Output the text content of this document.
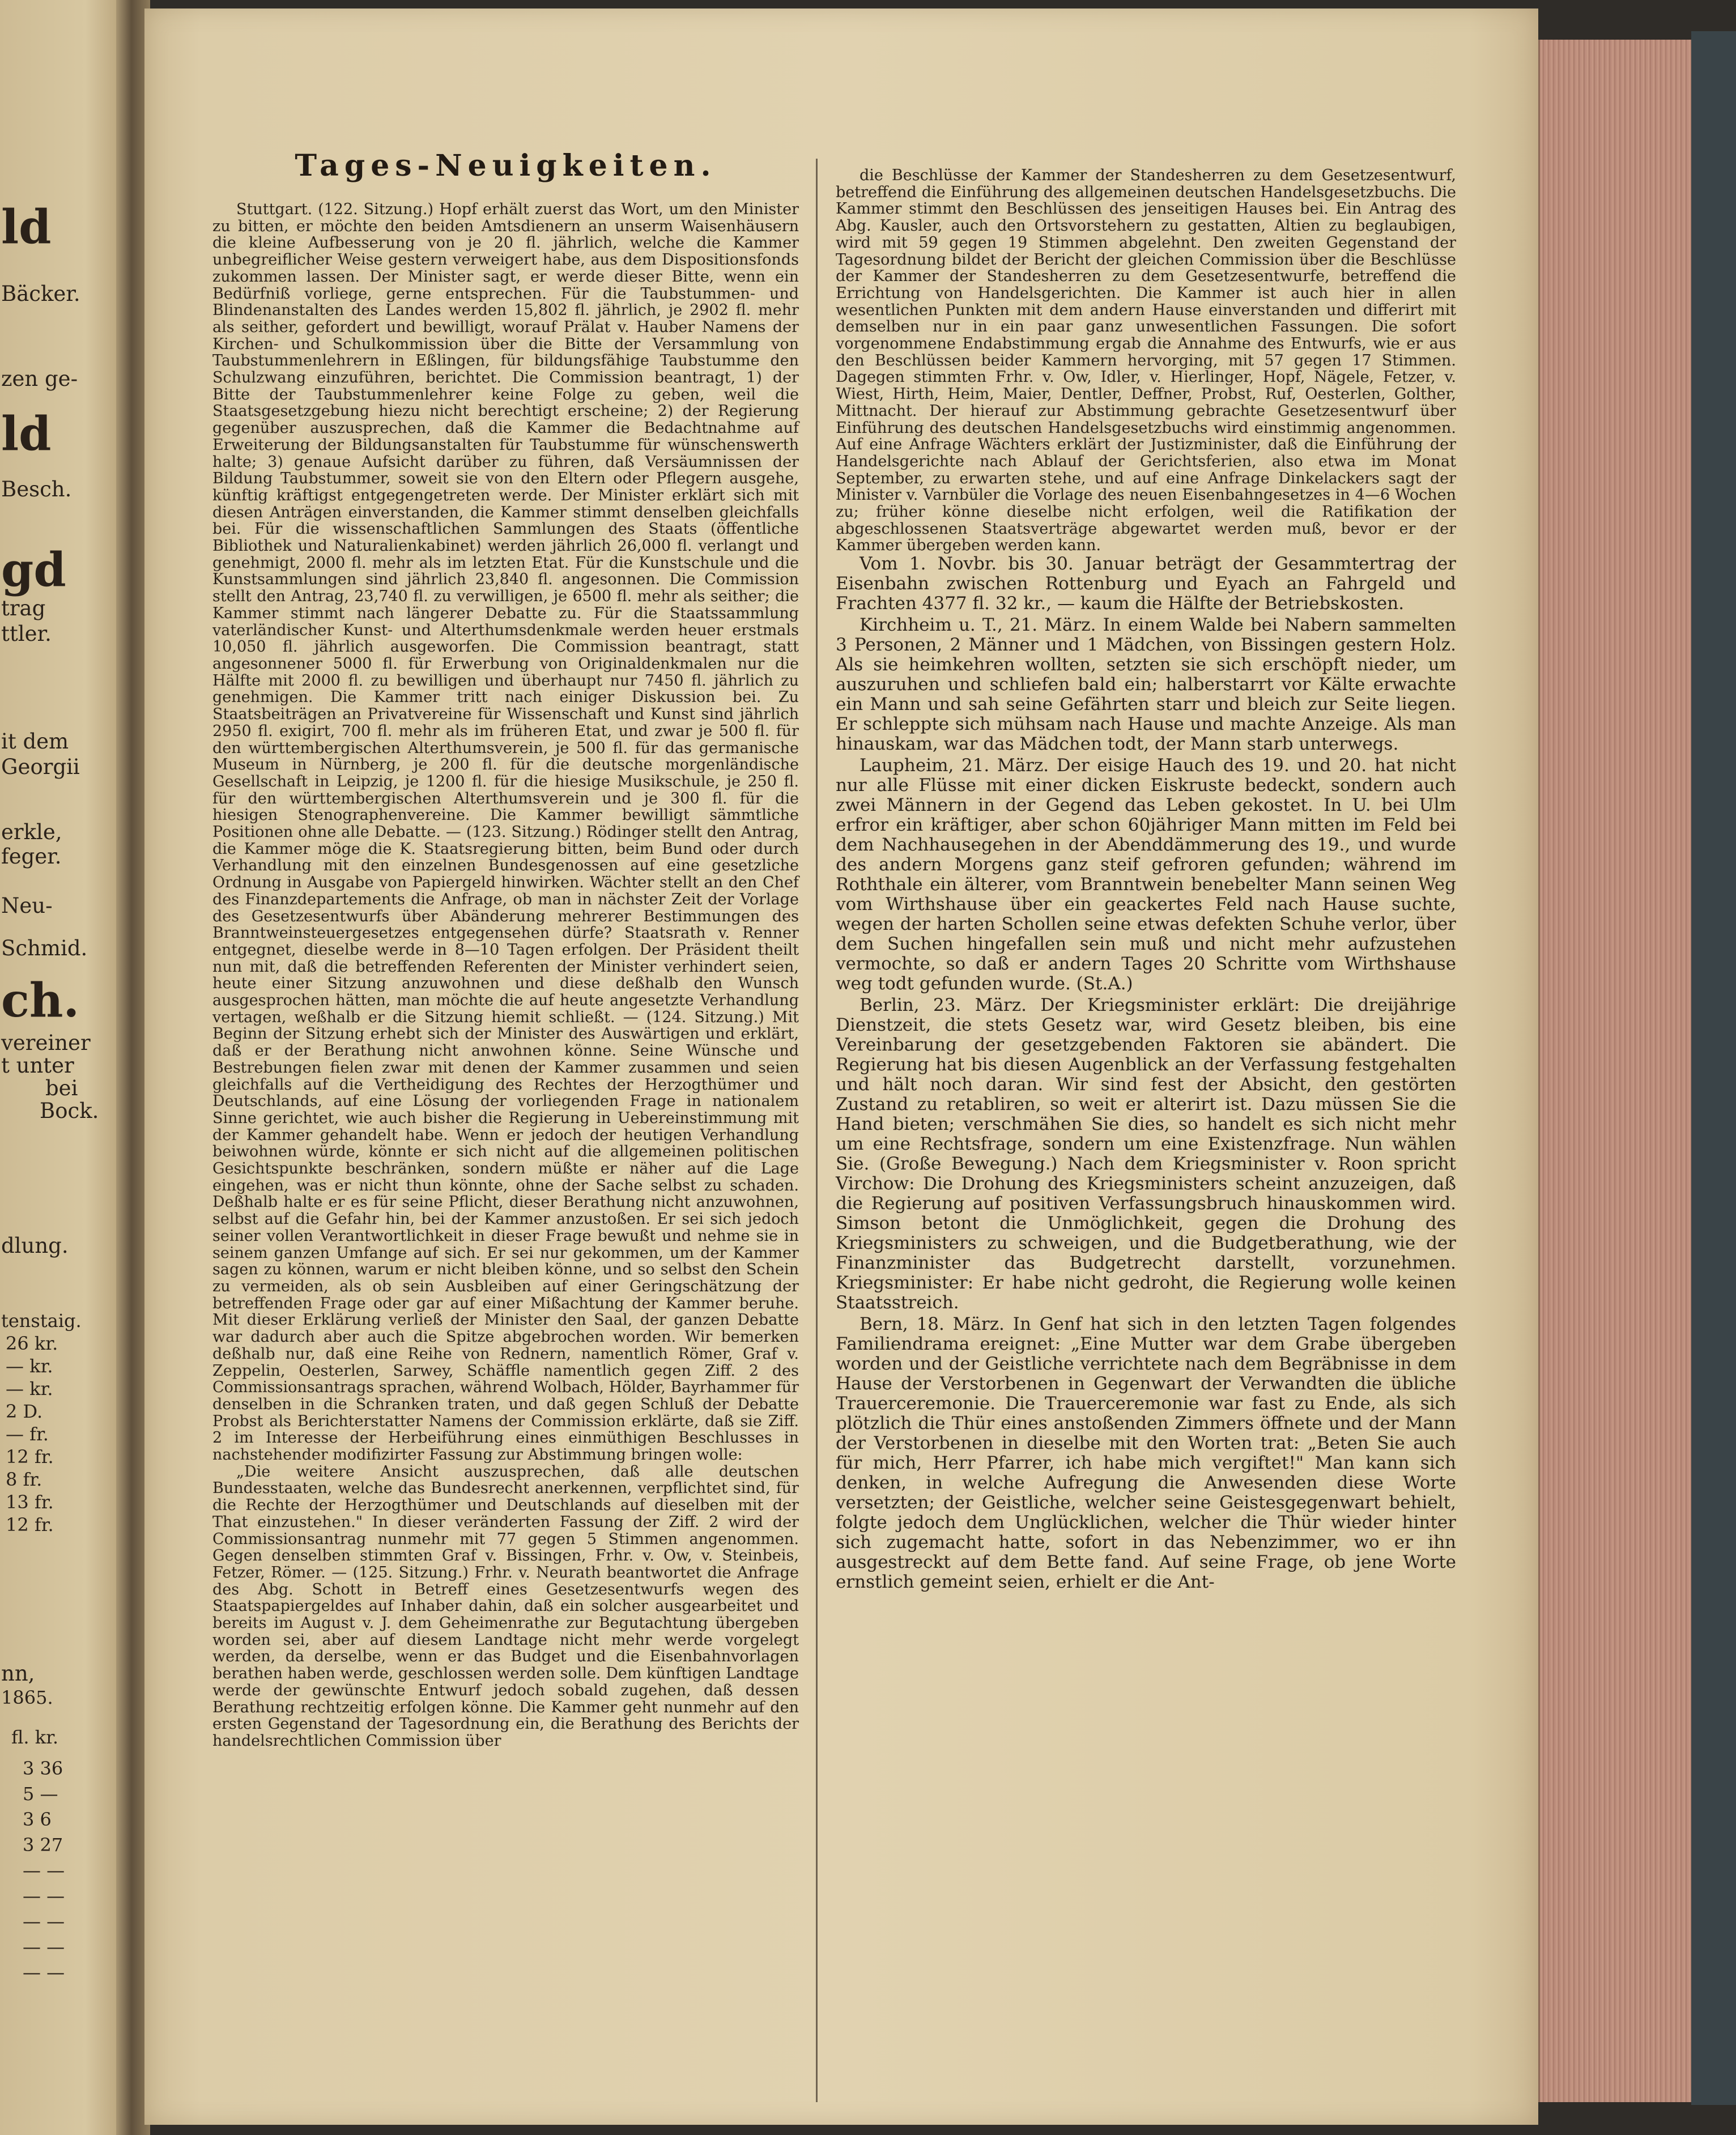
ld
Bäcker.
zen ge-
ld
Besch.
gd
trag
ttler.
it dem
Georgii
erkle,
feger.
Neu-
Schmid.
ch.
vereiner
t unter
bei
Bock.
dlung.
tenstaig.
26 kr.
— kr.
— kr.
2 D.
— fr.
12 fr.
8 fr.
13 fr.
12 fr.
nn,
1865.
fl. kr.
3 36
5 —
3 6
3 27
— —
— —
— —
— —
— —
Tages-Neuigkeiten.

Stuttgart. (122. Sitzung.) Hopf erhält zuerst das Wort, um den Minister zu bitten, er möchte den beiden Amtsdienern an unserm Waisenhäusern die kleine Aufbesserung von je 20 fl. jährlich, welche die Kammer unbegreiflicher Weise gestern verweigert habe, aus dem Dispositionsfonds zukommen lassen. Der Minister sagt, er werde dieser Bitte, wenn ein Bedürfniß vorliege, gerne entsprechen. Für die Taubstummen- und Blindenanstalten des Landes werden 15,802 fl. jährlich, je 2902 fl. mehr als seither, gefordert und bewilligt, worauf Prälat v. Hauber Namens der Kirchen- und Schulkommission über die Bitte der Versammlung von Taubstummenlehrern in Eßlingen, für bildungsfähige Taubstumme den Schulzwang einzuführen, berichtet. Die Commission beantragt, 1) der Bitte der Taubstummenlehrer keine Folge zu geben, weil die Staatsgesetzgebung hiezu nicht berechtigt erscheine; 2) der Regierung gegenüber auszusprechen, daß die Kammer die Bedachtnahme auf Erweiterung der Bildungsanstalten für Taubstumme für wünschenswerth halte; 3) genaue Aufsicht darüber zu führen, daß Versäumnissen der Bildung Taubstummer, soweit sie von den Eltern oder Pflegern ausgehe, künftig kräftigst entgegengetreten werde. Der Minister erklärt sich mit diesen Anträgen einverstanden, die Kammer stimmt denselben gleichfalls bei. Für die wissenschaftlichen Sammlungen des Staats (öffentliche Bibliothek und Naturalienkabinet) werden jährlich 26,000 fl. verlangt und genehmigt, 2000 fl. mehr als im letzten Etat. Für die Kunstschule und die Kunstsammlungen sind jährlich 23,840 fl. angesonnen. Die Commission stellt den Antrag, 23,740 fl. zu verwilligen, je 6500 fl. mehr als seither; die Kammer stimmt nach längerer Debatte zu. Für die Staatssammlung vaterländischer Kunst- und Alterthumsdenkmale werden heuer erstmals 10,050 fl. jährlich ausgeworfen. Die Commission beantragt, statt angesonnener 5000 fl. für Erwerbung von Originaldenkmalen nur die Hälfte mit 2000 fl. zu bewilligen und überhaupt nur 7450 fl. jährlich zu genehmigen. Die Kammer tritt nach einiger Diskussion bei. Zu Staatsbeiträgen an Privatvereine für Wissenschaft und Kunst sind jährlich 2950 fl. exigirt, 700 fl. mehr als im früheren Etat, und zwar je 500 fl. für den württembergischen Alterthumsverein, je 500 fl. für das germanische Museum in Nürnberg, je 200 fl. für die deutsche morgenländische Gesellschaft in Leipzig, je 1200 fl. für die hiesige Musikschule, je 250 fl. für den württembergischen Alterthumsverein und je 300 fl. für die hiesigen Stenographenvereine. Die Kammer bewilligt sämmtliche Positionen ohne alle Debatte. — (123. Sitzung.) Rödinger stellt den Antrag, die Kammer möge die K. Staatsregierung bitten, beim Bund oder durch Verhandlung mit den einzelnen Bundesgenossen auf eine gesetzliche Ordnung in Ausgabe von Papiergeld hinwirken. Wächter stellt an den Chef des Finanzdepartements die Anfrage, ob man in nächster Zeit der Vorlage des Gesetzesentwurfs über Abänderung mehrerer Bestimmungen des Branntweinsteuergesetzes entgegensehen dürfe? Staatsrath v. Renner entgegnet, dieselbe werde in 8—10 Tagen erfolgen. Der Präsident theilt nun mit, daß die betreffenden Referenten der Minister verhindert seien, heute einer Sitzung anzuwohnen und diese deßhalb den Wunsch ausgesprochen hätten, man möchte die auf heute angesetzte Verhandlung vertagen, weßhalb er die Sitzung hiemit schließt. — (124. Sitzung.) Mit Beginn der Sitzung erhebt sich der Minister des Auswärtigen und erklärt, daß er der Berathung nicht anwohnen könne. Seine Wünsche und Bestrebungen fielen zwar mit denen der Kammer zusammen und seien gleichfalls auf die Vertheidigung des Rechtes der Herzogthümer und Deutschlands, auf eine Lösung der vorliegenden Frage in nationalem Sinne gerichtet, wie auch bisher die Regierung in Uebereinstimmung mit der Kammer gehandelt habe. Wenn er jedoch der heutigen Verhandlung beiwohnen würde, könnte er sich nicht auf die allgemeinen politischen Gesichtspunkte beschränken, sondern müßte er näher auf die Lage eingehen, was er nicht thun könnte, ohne der Sache selbst zu schaden. Deßhalb halte er es für seine Pflicht, dieser Berathung nicht anzuwohnen, selbst auf die Gefahr hin, bei der Kammer anzustoßen. Er sei sich jedoch seiner vollen Verantwortlichkeit in dieser Frage bewußt und nehme sie in seinem ganzen Umfange auf sich. Er sei nur gekommen, um der Kammer sagen zu können, warum er nicht bleiben könne, und so selbst den Schein zu vermeiden, als ob sein Ausbleiben auf einer Geringschätzung der betreffenden Frage oder gar auf einer Mißachtung der Kammer beruhe. Mit dieser Erklärung verließ der Minister den Saal, der ganzen Debatte war dadurch aber auch die Spitze abgebrochen worden. Wir bemerken deßhalb nur, daß eine Reihe von Rednern, namentlich Römer, Graf v. Zeppelin, Oesterlen, Sarwey, Schäffle namentlich gegen Ziff. 2 des Commissionsantrags sprachen, während Wolbach, Hölder, Bayrhammer für denselben in die Schranken traten, und daß gegen Schluß der Debatte Probst als Berichterstatter Namens der Commission erklärte, daß sie Ziff. 2 im Interesse der Herbeiführung eines einmüthigen Beschlusses in nachstehender modifizirter Fassung zur Abstimmung bringen wolle:

„Die weitere Ansicht auszusprechen, daß alle deutschen Bundesstaaten, welche das Bundesrecht anerkennen, verpflichtet sind, für die Rechte der Herzogthümer und Deutschlands auf dieselben mit der That einzustehen." In dieser veränderten Fassung der Ziff. 2 wird der Commissionsantrag nunmehr mit 77 gegen 5 Stimmen angenommen. Gegen denselben stimmten Graf v. Bissingen, Frhr. v. Ow, v. Steinbeis, Fetzer, Römer. — (125. Sitzung.) Frhr. v. Neurath beantwortet die Anfrage des Abg. Schott in Betreff eines Gesetzesentwurfs wegen des Staatspapiergeldes auf Inhaber dahin, daß ein solcher ausgearbeitet und bereits im August v. J. dem Geheimenrathe zur Begutachtung übergeben worden sei, aber auf diesem Landtage nicht mehr werde vorgelegt werden, da derselbe, wenn er das Budget und die Eisenbahnvorlagen berathen haben werde, geschlossen werden solle. Dem künftigen Landtage werde der gewünschte Entwurf jedoch sobald zugehen, daß dessen Berathung rechtzeitig erfolgen könne. Die Kammer geht nunmehr auf den ersten Gegenstand der Tagesordnung ein, die Berathung des Berichts der handelsrechtlichen Commission über

die Beschlüsse der Kammer der Standesherren zu dem Gesetzesentwurf, betreffend die Einführung des allgemeinen deutschen Handelsgesetzbuchs. Die Kammer stimmt den Beschlüssen des jenseitigen Hauses bei. Ein Antrag des Abg. Kausler, auch den Ortsvorstehern zu gestatten, Altien zu beglaubigen, wird mit 59 gegen 19 Stimmen abgelehnt. Den zweiten Gegenstand der Tagesordnung bildet der Bericht der gleichen Commission über die Beschlüsse der Kammer der Standesherren zu dem Gesetzesentwurfe, betreffend die Errichtung von Handelsgerichten. Die Kammer ist auch hier in allen wesentlichen Punkten mit dem andern Hause einverstanden und differirt mit demselben nur in ein paar ganz unwesentlichen Fassungen. Die sofort vorgenommene Endabstimmung ergab die Annahme des Entwurfs, wie er aus den Beschlüssen beider Kammern hervorging, mit 57 gegen 17 Stimmen. Dagegen stimmten Frhr. v. Ow, Idler, v. Hierlinger, Hopf, Nägele, Fetzer, v. Wiest, Hirth, Heim, Maier, Dentler, Deffner, Probst, Ruf, Oesterlen, Golther, Mittnacht. Der hierauf zur Abstimmung gebrachte Gesetzesentwurf über Einführung des deutschen Handelsgesetzbuchs wird einstimmig angenommen. Auf eine Anfrage Wächters erklärt der Justizminister, daß die Einführung der Handelsgerichte nach Ablauf der Gerichtsferien, also etwa im Monat September, zu erwarten stehe, und auf eine Anfrage Dinkelackers sagt der Minister v. Varnbüler die Vorlage des neuen Eisenbahngesetzes in 4—6 Wochen zu; früher könne dieselbe nicht erfolgen, weil die Ratifikation der abgeschlossenen Staatsverträge abgewartet werden muß, bevor er der Kammer übergeben werden kann.

Vom 1. Novbr. bis 30. Januar beträgt der Gesammtertrag der Eisenbahn zwischen Rottenburg und Eyach an Fahrgeld und Frachten 4377 fl. 32 kr., — kaum die Hälfte der Betriebskosten.

Kirchheim u. T., 21. März. In einem Walde bei Nabern sammelten 3 Personen, 2 Männer und 1 Mädchen, von Bissingen gestern Holz. Als sie heimkehren wollten, setzten sie sich erschöpft nieder, um auszuruhen und schliefen bald ein; halberstarrt vor Kälte erwachte ein Mann und sah seine Gefährten starr und bleich zur Seite liegen. Er schleppte sich mühsam nach Hause und machte Anzeige. Als man hinauskam, war das Mädchen todt, der Mann starb unterwegs.

Laupheim, 21. März. Der eisige Hauch des 19. und 20. hat nicht nur alle Flüsse mit einer dicken Eiskruste bedeckt, sondern auch zwei Männern in der Gegend das Leben gekostet. In U. bei Ulm erfror ein kräftiger, aber schon 60jähriger Mann mitten im Feld bei dem Nachhausegehen in der Abenddämmerung des 19., und wurde des andern Morgens ganz steif gefroren gefunden; während im Roththale ein älterer, vom Branntwein benebelter Mann seinen Weg vom Wirthshause über ein geackertes Feld nach Hause suchte, wegen der harten Schollen seine etwas defekten Schuhe verlor, über dem Suchen hingefallen sein muß und nicht mehr aufzustehen vermochte, so daß er andern Tages 20 Schritte vom Wirthshause weg todt gefunden wurde. (St.A.)

Berlin, 23. März. Der Kriegsminister erklärt: Die dreijährige Dienstzeit, die stets Gesetz war, wird Gesetz bleiben, bis eine Vereinbarung der gesetzgebenden Faktoren sie abändert. Die Regierung hat bis diesen Augenblick an der Verfassung festgehalten und hält noch daran. Wir sind fest der Absicht, den gestörten Zustand zu retabliren, so weit er alterirt ist. Dazu müssen Sie die Hand bieten; verschmähen Sie dies, so handelt es sich nicht mehr um eine Rechtsfrage, sondern um eine Existenzfrage. Nun wählen Sie. (Große Bewegung.) Nach dem Kriegsminister v. Roon spricht Virchow: Die Drohung des Kriegsministers scheint anzuzeigen, daß die Regierung auf positiven Verfassungsbruch hinauskommen wird. Simson betont die Unmöglichkeit, gegen die Drohung des Kriegsministers zu schweigen, und die Budgetberathung, wie der Finanzminister das Budgetrecht darstellt, vorzunehmen. Kriegsminister: Er habe nicht gedroht, die Regierung wolle keinen Staatsstreich.

Bern, 18. März. In Genf hat sich in den letzten Tagen folgendes Familiendrama ereignet: „Eine Mutter war dem Grabe übergeben worden und der Geistliche verrichtete nach dem Begräbnisse in dem Hause der Verstorbenen in Gegenwart der Verwandten die übliche Trauerceremonie. Die Trauerceremonie war fast zu Ende, als sich plötzlich die Thür eines anstoßenden Zimmers öffnete und der Mann der Verstorbenen in dieselbe mit den Worten trat: „Beten Sie auch für mich, Herr Pfarrer, ich habe mich vergiftet!" Man kann sich denken, in welche Aufregung die Anwesenden diese Worte versetzten; der Geistliche, welcher seine Geistesgegenwart behielt, folgte jedoch dem Unglücklichen, welcher die Thür wieder hinter sich zugemacht hatte, sofort in das Nebenzimmer, wo er ihn ausgestreckt auf dem Bette fand. Auf seine Frage, ob jene Worte ernstlich gemeint seien, erhielt er die Ant-
